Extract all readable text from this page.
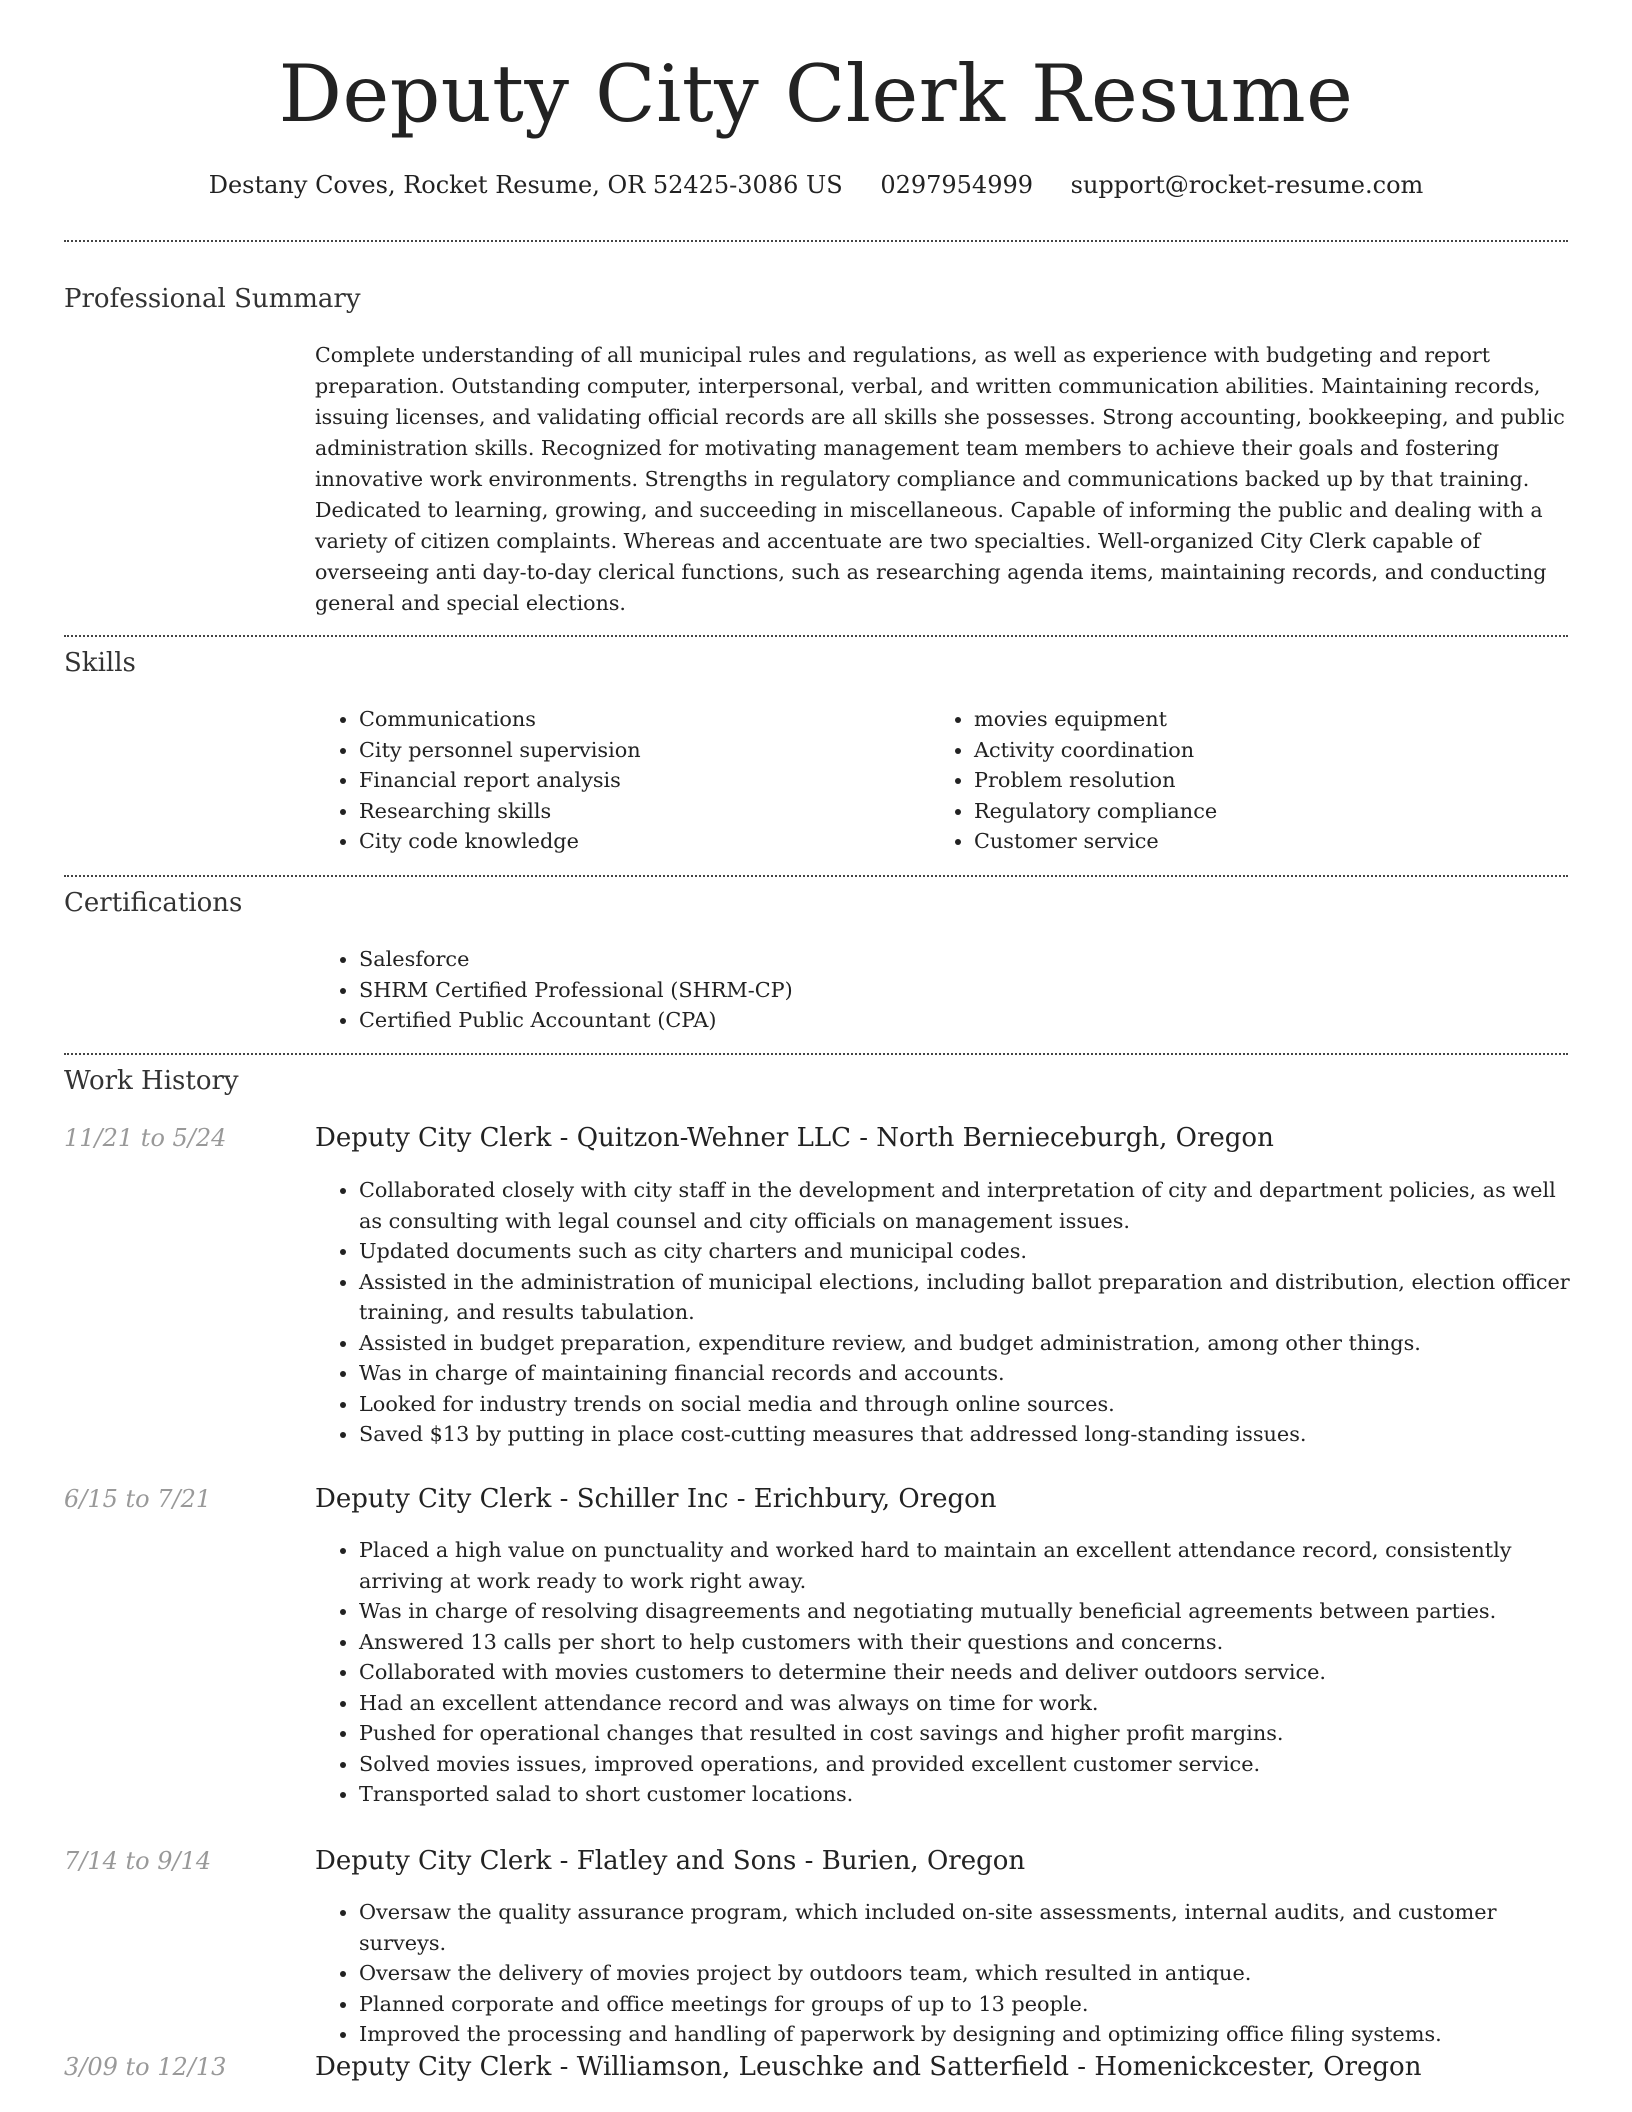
Deputy City Clerk Resume
Destany Coves, Rocket Resume, OR 52425-3086 US 0297954999 support@rocket-resume.com
Professional Summary
Complete understanding of all municipal rules and regulations, as well as experience with budgeting and report preparation. Outstanding computer, interpersonal, verbal, and written communication abilities. Maintaining records, issuing licenses, and validating official records are all skills she possesses. Strong accounting, bookkeeping, and public administration skills. Recognized for motivating management team members to achieve their goals and fostering innovative work environments. Strengths in regulatory compliance and communications backed up by that training. Dedicated to learning, growing, and succeeding in miscellaneous. Capable of informing the public and dealing with a variety of citizen complaints. Whereas and accentuate are two specialties. Well-organized City Clerk capable of overseeing anti day-to-day clerical functions, such as researching agenda items, maintaining records, and conducting general and special elections.
Skills
• Communications
• City personnel supervision
• Financial report analysis
• Researching skills
• City code knowledge
• movies equipment
• Activity coordination
• Problem resolution
• Regulatory compliance
• Customer service
Certifications
• Salesforce
• SHRM Certified Professional (SHRM-CP)
• Certified Public Accountant (CPA)
Work History
11/21 to 5/24	Deputy City Clerk - Quitzon-Wehner LLC - North Bernieceburgh, Oregon
• Collaborated closely with city staff in the development and interpretation of city and department policies, as well as consulting with legal counsel and city officials on management issues.
• Updated documents such as city charters and municipal codes.
• Assisted in the administration of municipal elections, including ballot preparation and distribution, election officer training, and results tabulation.
• Assisted in budget preparation, expenditure review, and budget administration, among other things.
• Was in charge of maintaining financial records and accounts.
• Looked for industry trends on social media and through online sources.
• Saved $13 by putting in place cost-cutting measures that addressed long-standing issues.
6/15 to 7/21	Deputy City Clerk - Schiller Inc - Erichbury, Oregon
• Placed a high value on punctuality and worked hard to maintain an excellent attendance record, consistently arriving at work ready to work right away.
• Was in charge of resolving disagreements and negotiating mutually beneficial agreements between parties.
• Answered 13 calls per short to help customers with their questions and concerns.
• Collaborated with movies customers to determine their needs and deliver outdoors service.
• Had an excellent attendance record and was always on time for work.
• Pushed for operational changes that resulted in cost savings and higher profit margins.
• Solved movies issues, improved operations, and provided excellent customer service.
• Transported salad to short customer locations.
7/14 to 9/14	Deputy City Clerk - Flatley and Sons - Burien, Oregon
• Oversaw the quality assurance program, which included on-site assessments, internal audits, and customer surveys.
• Oversaw the delivery of movies project by outdoors team, which resulted in antique.
• Planned corporate and office meetings for groups of up to 13 people.
• Improved the processing and handling of paperwork by designing and optimizing office filing systems.
3/09 to 12/13	Deputy City Clerk - Williamson, Leuschke and Satterfield - Homenickcester, Oregon
